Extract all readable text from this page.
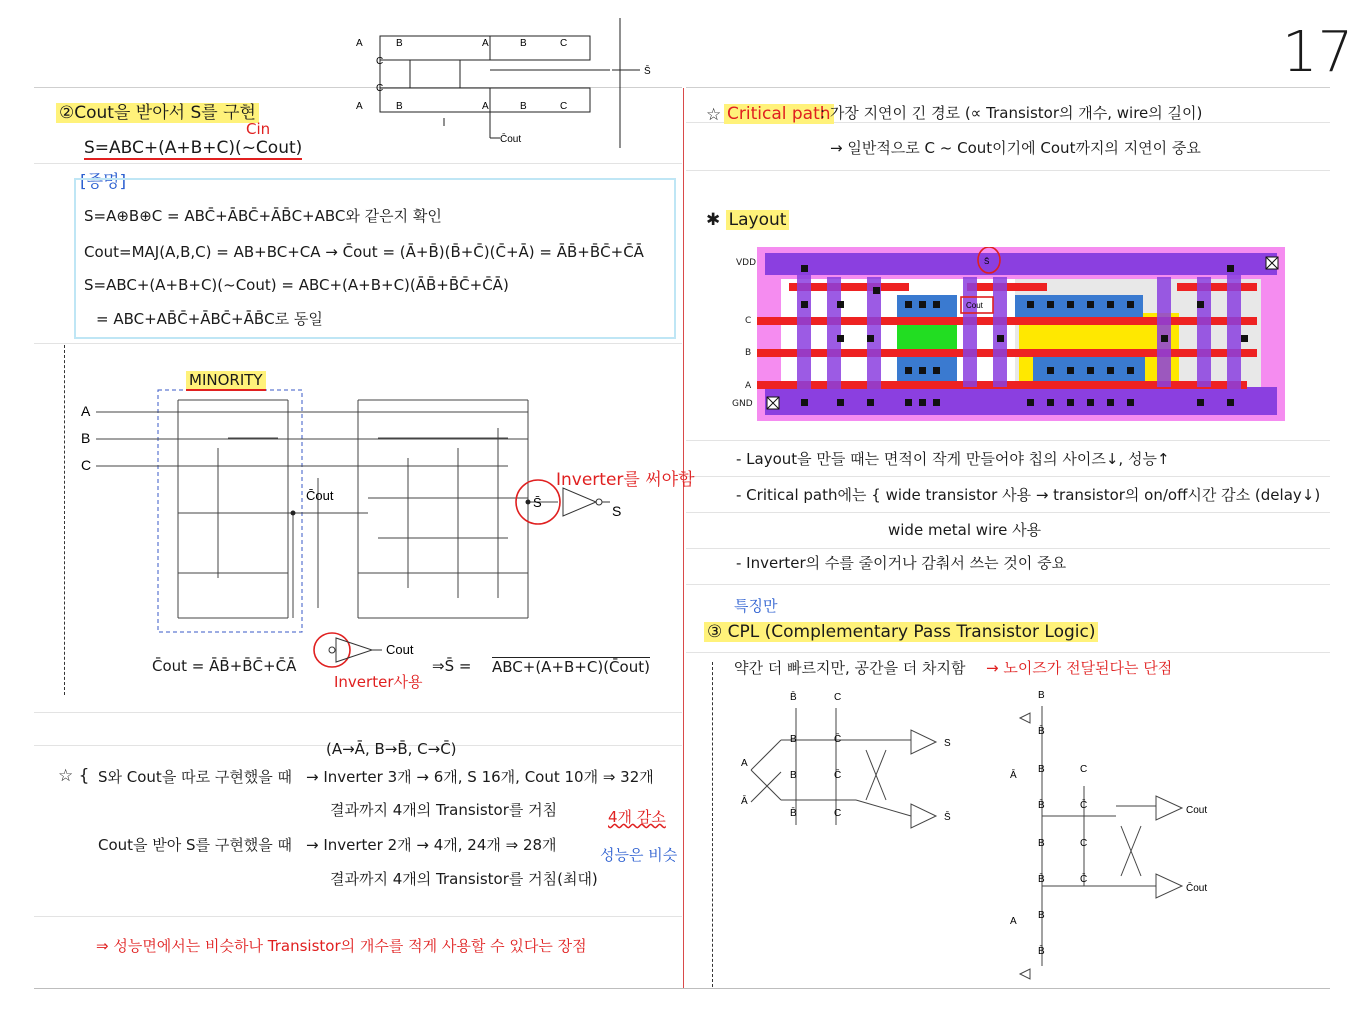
17
A	B
C
A	B	C
A	B
C
A	B	C
S̄
C̄out
②Cout을 받아서 S를 구현
Cin
S=ABC+(A+B+C)(~Cout)
[증명]
S=A⊕B⊕C = ABC̄+ĀBC̄+ĀB̄C+ABC와 같은지 확인
Cout=MAJ(A,B,C) = AB+BC+CA → C̄out = (Ā+B̄)(B̄+C̄)(C̄+Ā) = ĀB̄+B̄C̄+C̄Ā
S=ABC+(A+B+C)(~Cout) = ABC+(A+B+C)(ĀB̄+B̄C̄+C̄Ā)
= ABC+AB̄C̄+ĀBC̄+ĀB̄C로 동일
A
B
C
C̄out	S̄
S
MINORITY
Inverter를 써야함
Cout
Inverter사용
C̄out = ĀB̄+B̄C̄+C̄Ā	⇒S̄ = ABC+(A+B+C)(C̄out)
(A→Ā, B→B̄, C→C̄)
☆ { S와 Cout을 따로 구현했을 때 → Inverter 3개 → 6개, S 16개, Cout 10개 ⇒ 32개
결과까지 4개의 Transistor를 거침	4개 감소
Cout을 받아 S를 구현했을 때 → Inverter 2개 → 4개, 24개 ⇒ 28개
성능은 비슷
결과까지 4개의 Transistor를 거침(최대)
⇒ 성능면에서는 비슷하나 Transistor의 개수를 적게 사용할 수 있다는 장점
☆ Critical path
: 가장 지연이 긴 경로 (∝ Transistor의 개수, wire의 길이)
→ 일반적으로 C ~ Cout이기에 Cout까지의 지연이 중요
✱ Layout
VDD
C
B
A
GND
S̄
Cout
- Layout을 만들 때는 면적이 작게 만들어야 칩의 사이즈↓, 성능↑
- Critical path에는 { wide transistor 사용 → transistor의 on/off시간 감소 (delay↓)
wide metal wire 사용
- Inverter의 수를 줄이거나 감춰서 쓰는 것이 중요
특징만
③ CPL (Complementary Pass Transistor Logic)
약간 더 빠르지만, 공간을 더 차지함 → 노이즈가 전달된다는 단점
B̄	C
B	C̄
B	C̄
B̄	C
A
Ā
S
S̄
B
B̄
Ā
B	C
B̄	C̄
B	C
B̄	C̄
A
B
B̄
Cout
C̄out
